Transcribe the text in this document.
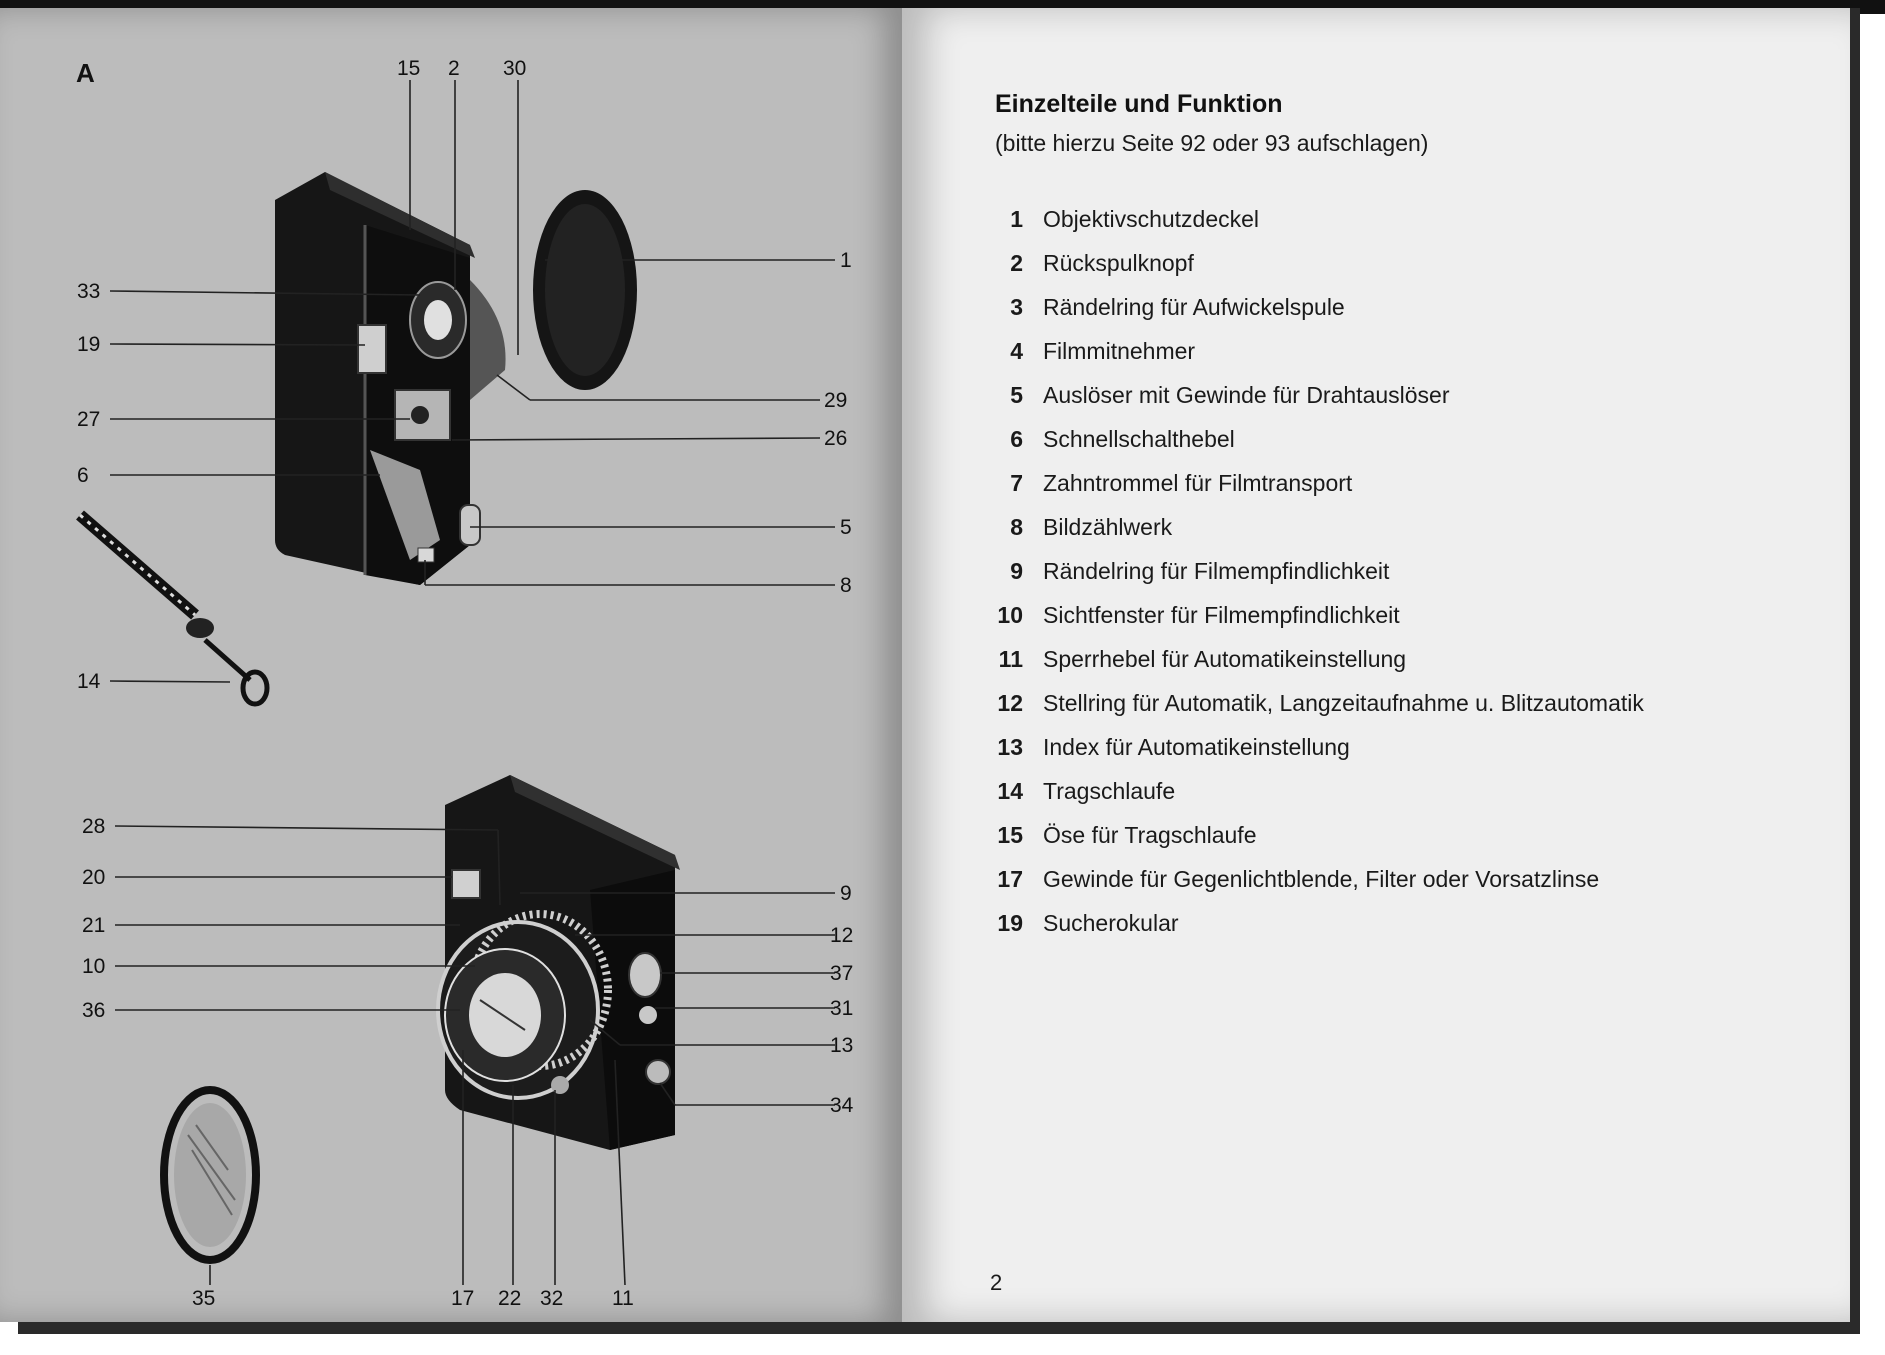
15 2 30
1
33
19
29
27
26
6
5
8
14
28
20
21
10
36
9
12
37
31
13
34
35	17 22 32 11
A
Einzelteile und Funktion
(bitte hierzu Seite 92 oder 93 aufschlagen)
1 Objektivschutzdeckel
2 Rückspulknopf
3 Rändelring für Aufwickelspule
4 Filmmitnehmer
5 Auslöser mit Gewinde für Drahtauslöser
6 Schnellschalthebel
7 Zahntrommel für Filmtransport
8 Bildzählwerk
9 Rändelring für Filmempfindlichkeit
10 Sichtfenster für Filmempfindlichkeit
11 Sperrhebel für Automatikeinstellung
12 Stellring für Automatik, Langzeitaufnahme u. Blitzautomatik
13 Index für Automatikeinstellung
14 Tragschlaufe
15 Öse für Tragschlaufe
17 Gewinde für Gegenlichtblende, Filter oder Vorsatzlinse
19 Sucherokular
2
